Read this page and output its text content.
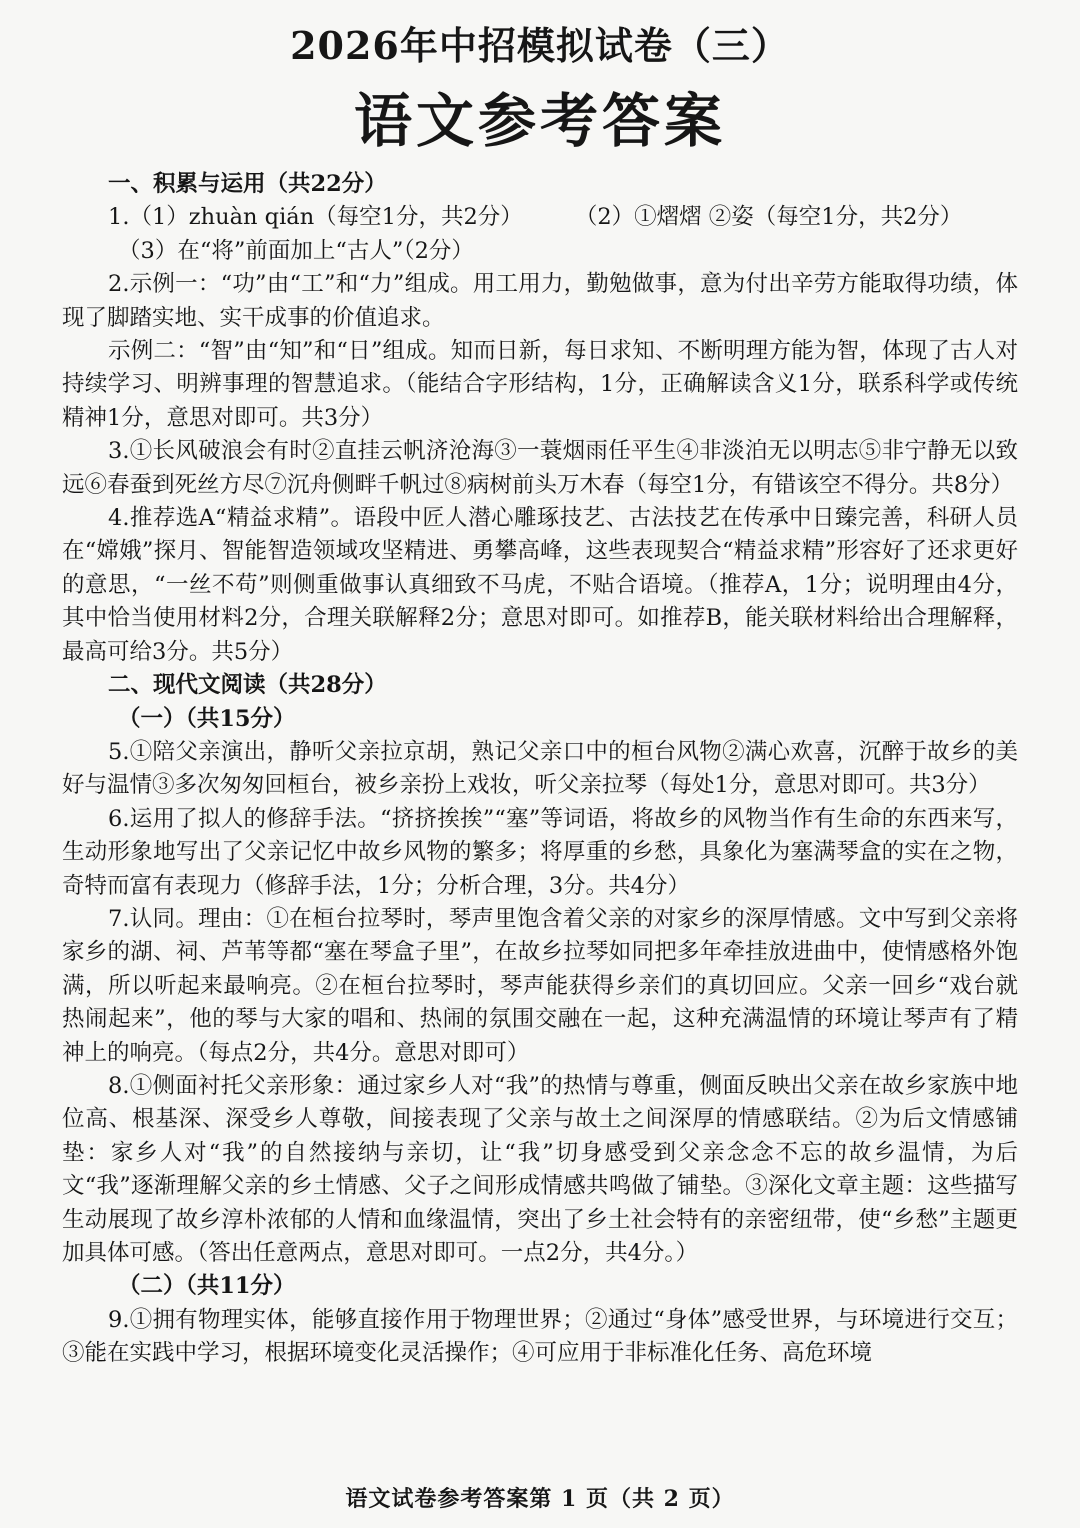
2026年中招模拟试卷（三）
语文参考答案

一、积累与运用（共22分）

1.（1）zhuàn qián（每空1分，共2分） （2）①熠熠 ②姿（每空1分，共2分）

（3）在“将”前面加上“古人”（2分）

2.示例一：“功”由“工”和“力”组成。用工用力，勤勉做事，意为付出辛劳方能取得功绩，体现了脚踏实地、实干成事的价值追求。

示例二：“智”由“知”和“日”组成。知而日新，每日求知、不断明理方能为智，体现了古人对持续学习、明辨事理的智慧追求。（能结合字形结构，1分，正确解读含义1分，联系科学或传统精神1分，意思对即可。共3分）

3.①长风破浪会有时②直挂云帆济沧海③一蓑烟雨任平生④非淡泊无以明志⑤非宁静无以致远⑥春蚕到死丝方尽⑦沉舟侧畔千帆过⑧病树前头万木春（每空1分，有错该空不得分。共8分）

4.推荐选A“精益求精”。语段中匠人潜心雕琢技艺、古法技艺在传承中日臻完善，科研人员在“嫦娥”探月、智能智造领域攻坚精进、勇攀高峰，这些表现契合“精益求精”形容好了还求更好的意思，“一丝不苟”则侧重做事认真细致不马虎，不贴合语境。（推荐A，1分；说明理由4分，其中恰当使用材料2分，合理关联解释2分；意思对即可。如推荐B，能关联材料给出合理解释，最高可给3分。共5分）

二、现代文阅读（共28分）

（一）（共15分）

5.①陪父亲演出，静听父亲拉京胡，熟记父亲口中的桓台风物②满心欢喜，沉醉于故乡的美好与温情③多次匆匆回桓台，被乡亲扮上戏妆，听父亲拉琴（每处1分，意思对即可。共3分）

6.运用了拟人的修辞手法。“挤挤挨挨”“塞”等词语，将故乡的风物当作有生命的东西来写，生动形象地写出了父亲记忆中故乡风物的繁多；将厚重的乡愁，具象化为塞满琴盒的实在之物，奇特而富有表现力（修辞手法，1分；分析合理，3分。共4分）

7.认同。理由：①在桓台拉琴时，琴声里饱含着父亲的对家乡的深厚情感。文中写到父亲将家乡的湖、祠、芦苇等都“塞在琴盒子里”，在故乡拉琴如同把多年牵挂放进曲中，使情感格外饱满，所以听起来最响亮。②在桓台拉琴时，琴声能获得乡亲们的真切回应。父亲一回乡“戏台就热闹起来”，他的琴与大家的唱和、热闹的氛围交融在一起，这种充满温情的环境让琴声有了精神上的响亮。（每点2分，共4分。意思对即可）

8.①侧面衬托父亲形象：通过家乡人对“我”的热情与尊重，侧面反映出父亲在故乡家族中地位高、根基深、深受乡人尊敬，间接表现了父亲与故土之间深厚的情感联结。②为后文情感铺垫：家乡人对“我”的自然接纳与亲切，让“我”切身感受到父亲念念不忘的故乡温情，为后文“我”逐渐理解父亲的乡土情感、父子之间形成情感共鸣做了铺垫。③深化文章主题：这些描写生动展现了故乡淳朴浓郁的人情和血缘温情，突出了乡土社会特有的亲密纽带，使“乡愁”主题更加具体可感。（答出任意两点，意思对即可。一点2分，共4分。）

（二）（共11分）

9.①拥有物理实体，能够直接作用于物理世界；②通过“身体”感受世界，与环境进行交互；③能在实践中学习，根据环境变化灵活操作；④可应用于非标准化任务、高危环境

语文试卷参考答案第 1 页（共 2 页）
